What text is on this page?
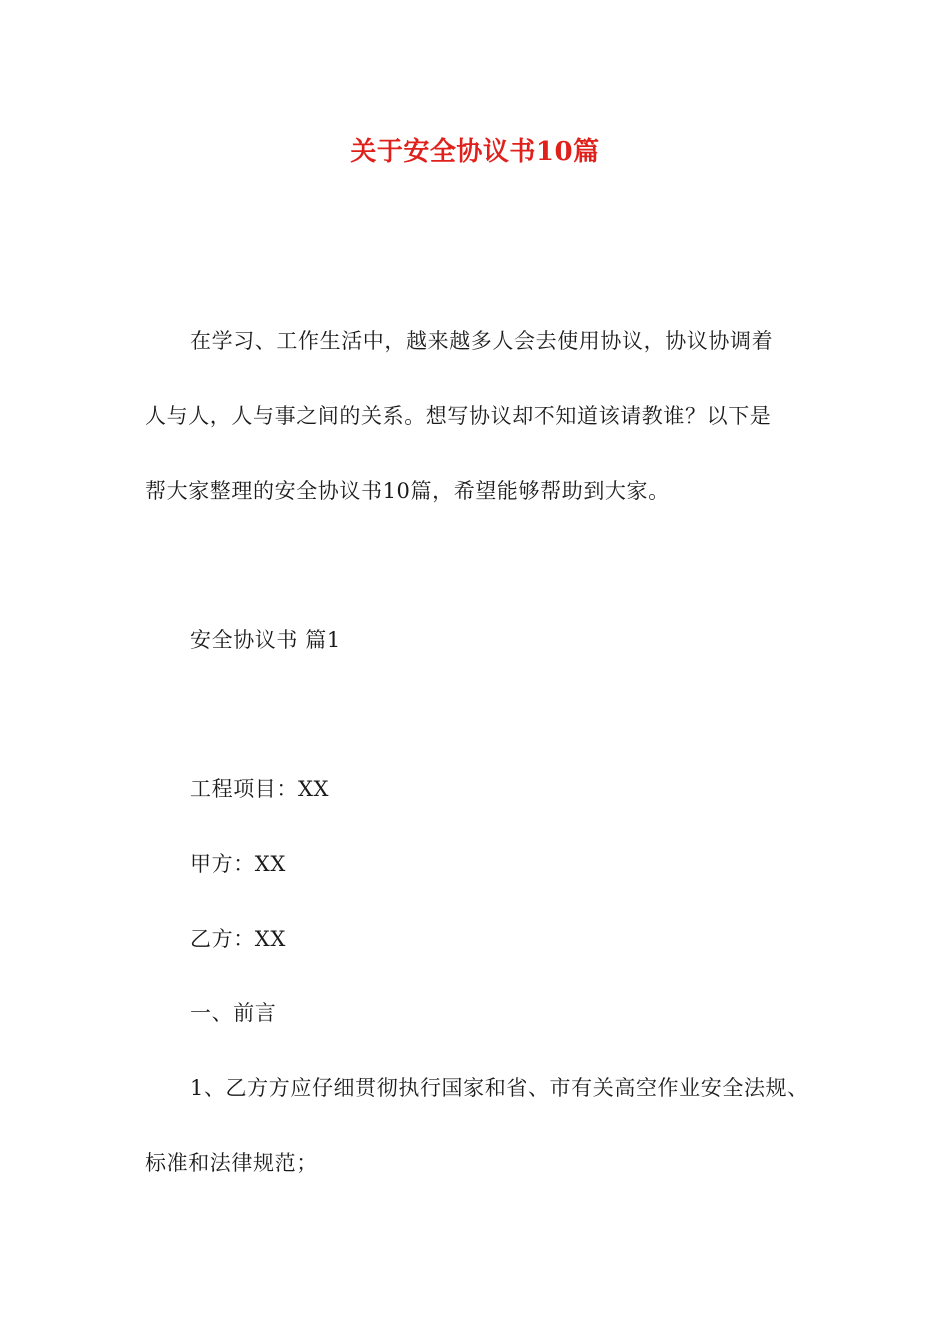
关于安全协议书10篇
在学习、工作生活中，越来越多人会去使用协议，协议协调着
人与人，人与事之间的关系。想写协议却不知道该请教谁？以下是
帮大家整理的安全协议书10篇，希望能够帮助到大家。
安全协议书 篇1
工程项目：XX
甲方：XX
乙方：XX
一、前言
1、乙方方应仔细贯彻执行国家和省、市有关高空作业安全法规、
标准和法律规范；
